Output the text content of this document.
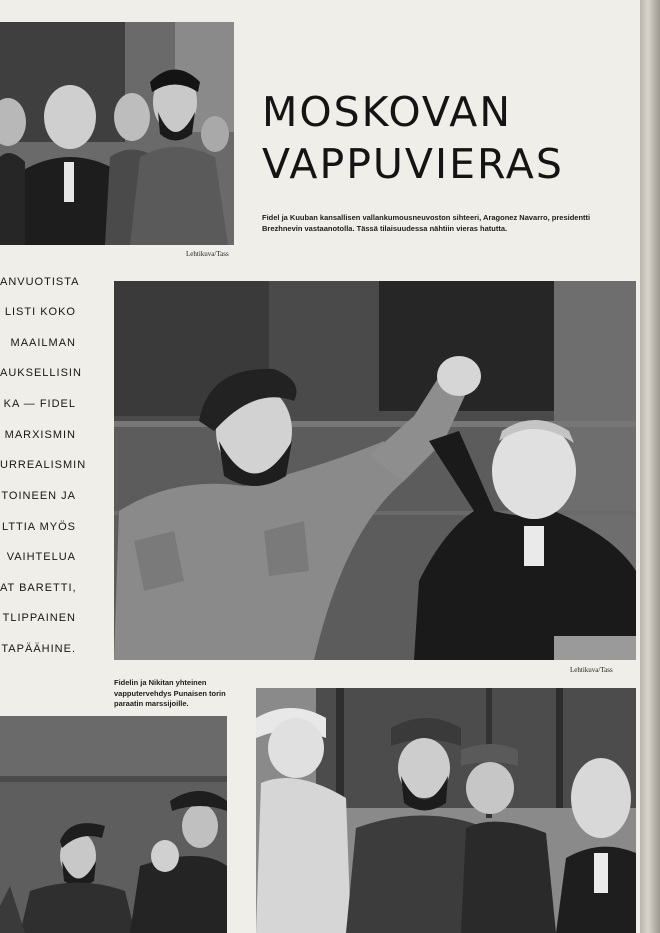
Lehtikuva/Tass
MOSKOVAN
VAPPUVIERAS

Fidel ja Kuuban kansallisen vallankumousneuvoston sihteeri, Aragonez Navarro, presidentti Brezhnevin vastaanotolla. Tässä tilaisuudessa nähtiin vieras hatutta.

ANVUOTISTA
LISTI KOKO
MAAILMAN
AUKSELLISIN
KA — FIDEL
MARXISMIN
URREALISMIN
TOINEEN JA
LTTIA MYÖS
VAIHTELUA
AT BARETTI,
TLIPPAINEN
TAPÄÄHINE.
Lehtikuva/Tass

Fidelin ja Nikitan yhteinen vapputervehdys Punaisen torin paraatin marssijoille.
